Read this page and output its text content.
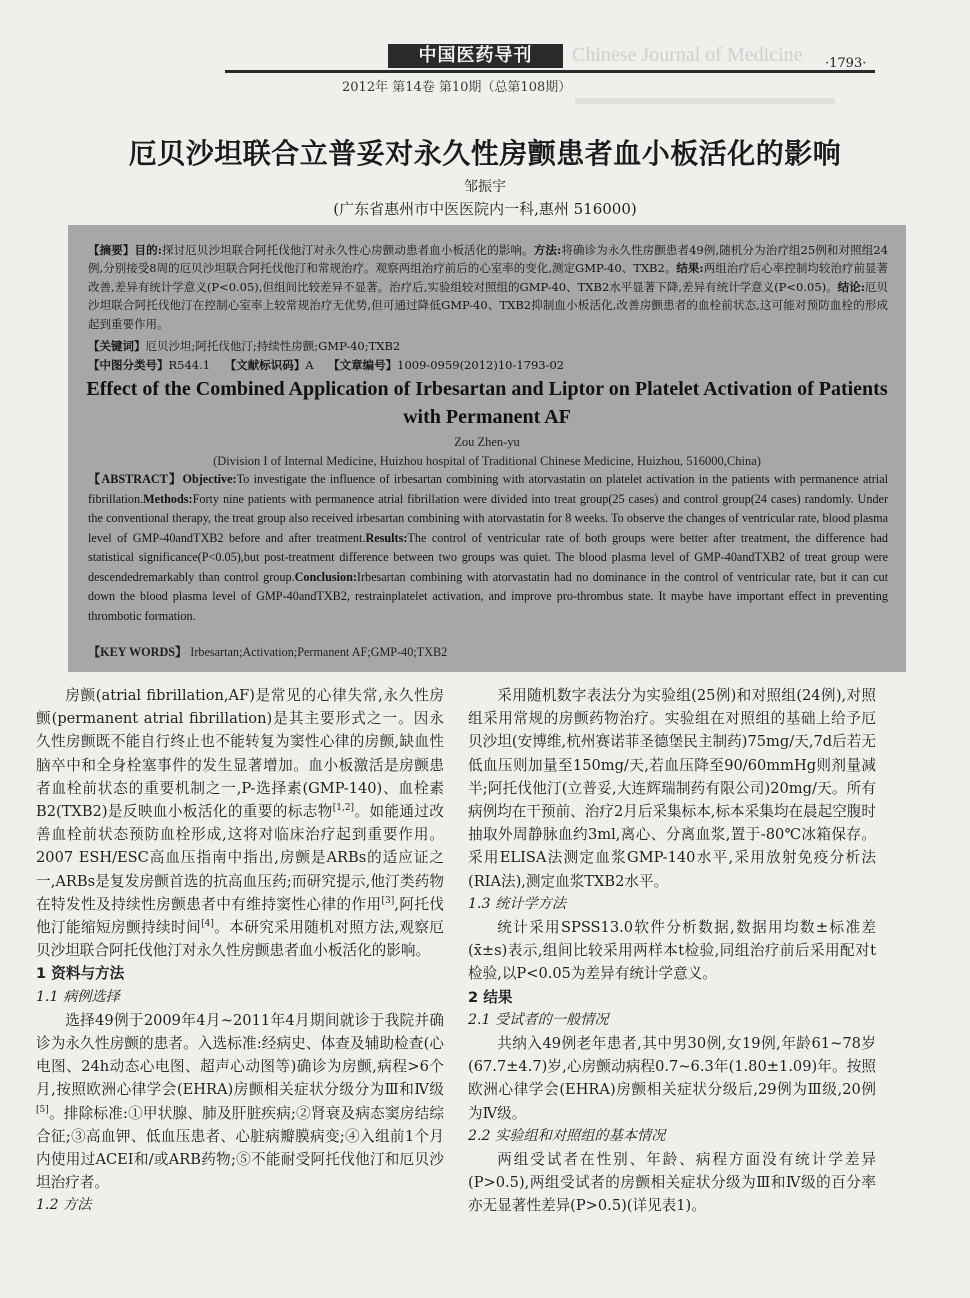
中国医药导刊	Chinese Journal of Medicine ·1793·
2012年 第14卷 第10期（总第108期）
厄贝沙坦联合立普妥对永久性房颤患者血小板活化的影响
邹振宇
(广东省惠州市中医医院内一科,惠州 516000)
【摘要】目的:探讨厄贝沙坦联合阿托伐他汀对永久性心房颤动患者血小板活化的影响。方法:将确诊为永久性房颤患者49例,随机分为治疗组25例和对照组24例,分别接受8周的厄贝沙坦联合阿托伐他汀和常规治疗。观察两组治疗前后的心室率的变化,测定GMP-40、TXB2。结果:两组治疗后心率控制均较治疗前显著改善,差异有统计学意义(P<0.05),但组间比较差异不显著。治疗后,实验组较对照组的GMP-40、TXB2水平显著下降,差异有统计学意义(P<0.05)。结论:厄贝沙坦联合阿托伐他汀在控制心室率上较常规治疗无优势,但可通过降低GMP-40、TXB2抑制血小板活化,改善房颤患者的血栓前状态,这可能对预防血栓的形成起到重要作用。
【关键词】厄贝沙坦;阿托伐他汀;持续性房颤;GMP-40;TXB2
【中图分类号】R544.1 【文献标识码】A 【文章编号】1009-0959(2012)10-1793-02
Effect of the Combined Application of Irbesartan and Liptor on Platelet Activation of Patients with Permanent AF
Zou Zhen-yu
(Division I of Internal Medicine, Huizhou hospital of Traditional Chinese Medicine, Huizhou, 516000,China)
【ABSTRACT】Objective:To investigate the influence of irbesartan combining with atorvastatin on platelet activation in the patients with permanence atrial fibrillation.Methods:Forty nine patients with permanence atrial fibrillation were divided into treat group(25 cases) and control group(24 cases) randomly. Under the conventional therapy, the treat group also received irbesartan combining with atorvastatin for 8 weeks. To observe the changes of ventricular rate, blood plasma level of GMP-40andTXB2 before and after treatment.Results:The control of ventricular rate of both groups were better after treatment, the difference had statistical significance(P<0.05),but post-treatment difference between two groups was quiet. The blood plasma level of GMP-40andTXB2 of treat group were descendedremarkably than control group.Conclusion:Irbesartan combining with atorvastatin had no dominance in the control of ventricular rate, but it can cut down the blood plasma level of GMP-40andTXB2, restrainplatelet activation, and improve pro-thrombus state. It maybe have important effect in preventing thrombotic formation.
【KEY WORDS】 Irbesartan;Activation;Permanent AF;GMP-40;TXB2

房颤(atrial fibrillation,AF)是常见的心律失常,永久性房颤(permanent atrial fibrillation)是其主要形式之一。因永久性房颤既不能自行终止也不能转复为窦性心律的房颤,缺血性脑卒中和全身栓塞事件的发生显著增加。血小板激活是房颤患者血栓前状态的重要机制之一,P-选择素(GMP-140)、血栓素B2(TXB2)是反映血小板活化的重要的标志物[1,2]。如能通过改善血栓前状态预防血栓形成,这将对临床治疗起到重要作用。2007 ESH/ESC高血压指南中指出,房颤是ARBs的适应证之一,ARBs是复发房颤首选的抗高血压药;而研究提示,他汀类药物在特发性及持续性房颤患者中有维持窦性心律的作用[3],阿托伐他汀能缩短房颤持续时间[4]。本研究采用随机对照方法,观察厄贝沙坦联合阿托伐他汀对永久性房颤患者血小板活化的影响。

1 资料与方法

1.1 病例选择

选择49例于2009年4月~2011年4月期间就诊于我院并确诊为永久性房颤的患者。入选标准:经病史、体查及辅助检查(心电图、24h动态心电图、超声心动图等)确诊为房颤,病程>6个月,按照欧洲心律学会(EHRA)房颤相关症状分级分为Ⅲ和Ⅳ级[5]。排除标准:①甲状腺、肺及肝脏疾病;②肾衰及病态窦房结综合征;③高血钾、低血压患者、心脏病瓣膜病变;④入组前1个月内使用过ACEI和/或ARB药物;⑤不能耐受阿托伐他汀和厄贝沙坦治疗者。

1.2 方法

采用随机数字表法分为实验组(25例)和对照组(24例),对照组采用常规的房颤药物治疗。实验组在对照组的基础上给予厄贝沙坦(安博维,杭州赛诺菲圣德堡民主制药)75mg/天,7d后若无低血压则加量至150mg/天,若血压降至90/60mmHg则剂量减半;阿托伐他汀(立普妥,大连辉瑞制药有限公司)20mg/天。所有病例均在干预前、治疗2月后采集标本,标本采集均在晨起空腹时抽取外周静脉血约3ml,离心、分离血浆,置于-80℃冰箱保存。采用ELISA法测定血浆GMP-140水平,采用放射免疫分析法(RIA法),测定血浆TXB2水平。

1.3 统计学方法

统计采用SPSS13.0软件分析数据,数据用均数±标准差(x̄±s)表示,组间比较采用两样本t检验,同组治疗前后采用配对t检验,以P<0.05为差异有统计学意义。

2 结果

2.1 受试者的一般情况

共纳入49例老年患者,其中男30例,女19例,年龄61~78岁(67.7±4.7)岁,心房颤动病程0.7~6.3年(1.80±1.09)年。按照欧洲心律学会(EHRA)房颤相关症状分级后,29例为Ⅲ级,20例为Ⅳ级。

2.2 实验组和对照组的基本情况

两组受试者在性别、年龄、病程方面没有统计学差异(P>0.5),两组受试者的房颤相关症状分级为Ⅲ和Ⅳ级的百分率亦无显著性差异(P>0.5)(详见表1)。
